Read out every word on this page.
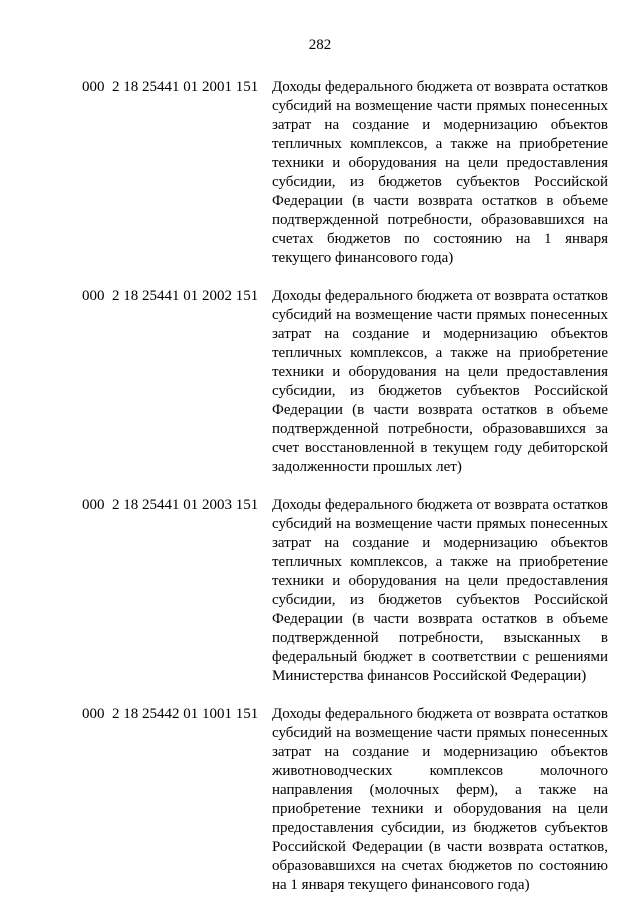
282
000 2 18 25441 01 2001 151 Доходы федерального бюджета от возврата остатков субсидий на возмещение части прямых понесенных затрат на создание и модернизацию объектов тепличных комплексов, а также на приобретение техники и оборудования на цели предоставления субсидии, из бюджетов субъектов Российской Федерации (в части возврата остатков в объеме подтвержденной потребности, образовавшихся на счетах бюджетов по состоянию на 1 января текущего финансового года)
000 2 18 25441 01 2002 151 Доходы федерального бюджета от возврата остатков субсидий на возмещение части прямых понесенных затрат на создание и модернизацию объектов тепличных комплексов, а также на приобретение техники и оборудования на цели предоставления субсидии, из бюджетов субъектов Российской Федерации (в части возврата остатков в объеме подтвержденной потребности, образовавшихся за счет восстановленной в текущем году дебиторской задолженности прошлых лет)
000 2 18 25441 01 2003 151 Доходы федерального бюджета от возврата остатков субсидий на возмещение части прямых понесенных затрат на создание и модернизацию объектов тепличных комплексов, а также на приобретение техники и оборудования на цели предоставления субсидии, из бюджетов субъектов Российской Федерации (в части возврата остатков в объеме подтвержденной потребности, взысканных в федеральный бюджет в соответствии с решениями Министерства финансов Российской Федерации)
000 2 18 25442 01 1001 151 Доходы федерального бюджета от возврата остатков субсидий на возмещение части прямых понесенных затрат на создание и модернизацию объектов животноводческих комплексов молочного направления (молочных ферм), а также на приобретение техники и оборудования на цели предоставления субсидии, из бюджетов субъектов Российской Федерации (в части возврата остатков, образовавшихся на счетах бюджетов по состоянию на 1 января текущего финансового года)
